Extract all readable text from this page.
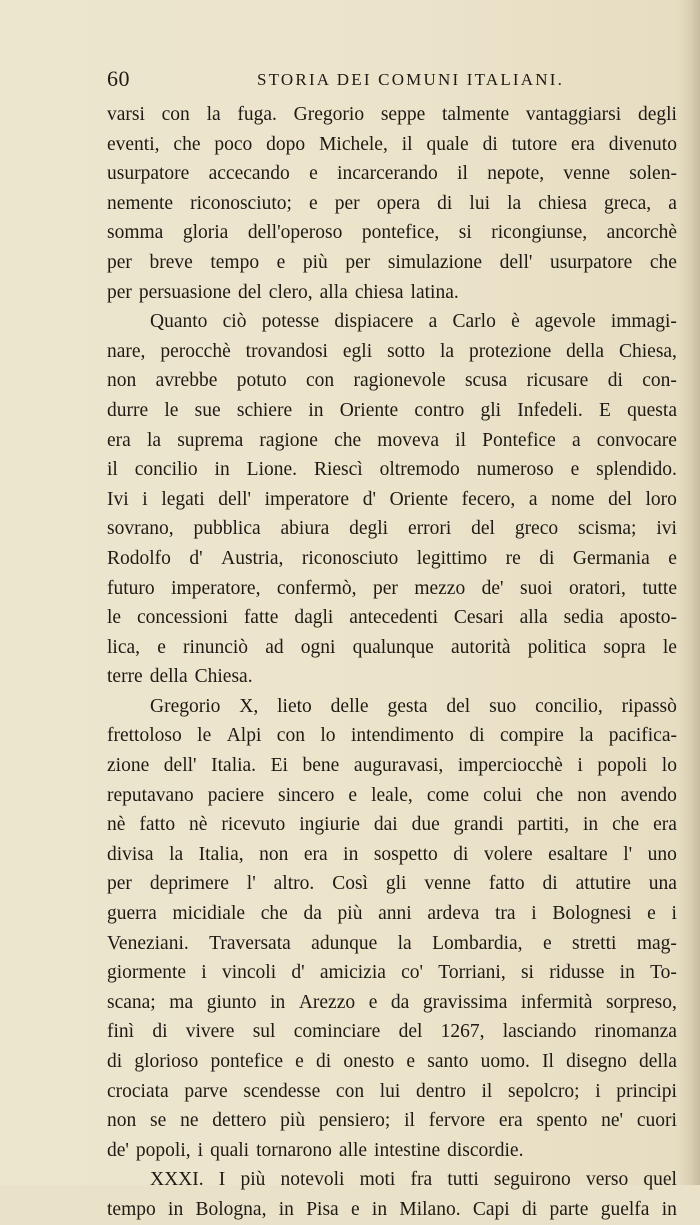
60	STORIA DEI COMUNI ITALIANI.
varsi con la fuga. Gregorio seppe talmente vantaggiarsi degli
eventi, che poco dopo Michele, il quale di tutore era divenuto
usurpatore accecando e incarcerando il nepote, venne solen-
nemente riconosciuto; e per opera di lui la chiesa greca, a
somma gloria dell'operoso pontefice, si ricongiunse, ancorchè
per breve tempo e più per simulazione dell' usurpatore che
per persuasione del clero, alla chiesa latina.
Quanto ciò potesse dispiacere a Carlo è agevole immagi-
nare, perocchè trovandosi egli sotto la protezione della Chiesa,
non avrebbe potuto con ragionevole scusa ricusare di con-
durre le sue schiere in Oriente contro gli Infedeli. E questa
era la suprema ragione che moveva il Pontefice a convocare
il concilio in Lione. Riescì oltremodo numeroso e splendido.
Ivi i legati dell' imperatore d' Oriente fecero, a nome del loro
sovrano, pubblica abiura degli errori del greco scisma; ivi
Rodolfo d' Austria, riconosciuto legittimo re di Germania e
futuro imperatore, confermò, per mezzo de' suoi oratori, tutte
le concessioni fatte dagli antecedenti Cesari alla sedia aposto-
lica, e rinunciò ad ogni qualunque autorità politica sopra le
terre della Chiesa.
Gregorio X, lieto delle gesta del suo concilio, ripassò
frettoloso le Alpi con lo intendimento di compire la pacifica-
zione dell' Italia. Ei bene auguravasi, imperciocchè i popoli lo
reputavano paciere sincero e leale, come colui che non avendo
nè fatto nè ricevuto ingiurie dai due grandi partiti, in che era
divisa la Italia, non era in sospetto di volere esaltare l' uno
per deprimere l' altro. Così gli venne fatto di attutire una
guerra micidiale che da più anni ardeva tra i Bolognesi e i
Veneziani. Traversata adunque la Lombardia, e stretti mag-
giormente i vincoli d' amicizia co' Torriani, si ridusse in To-
scana; ma giunto in Arezzo e da gravissima infermità sorpreso,
finì di vivere sul cominciare del 1267, lasciando rinomanza
di glorioso pontefice e di onesto e santo uomo. Il disegno della
crociata parve scendesse con lui dentro il sepolcro; i principi
non se ne dettero più pensiero; il fervore era spento ne' cuori
de' popoli, i quali tornarono alle intestine discordie.
XXXI. I più notevoli moti fra tutti seguirono verso quel
tempo in Bologna, in Pisa e in Milano. Capi di parte guelfa in
